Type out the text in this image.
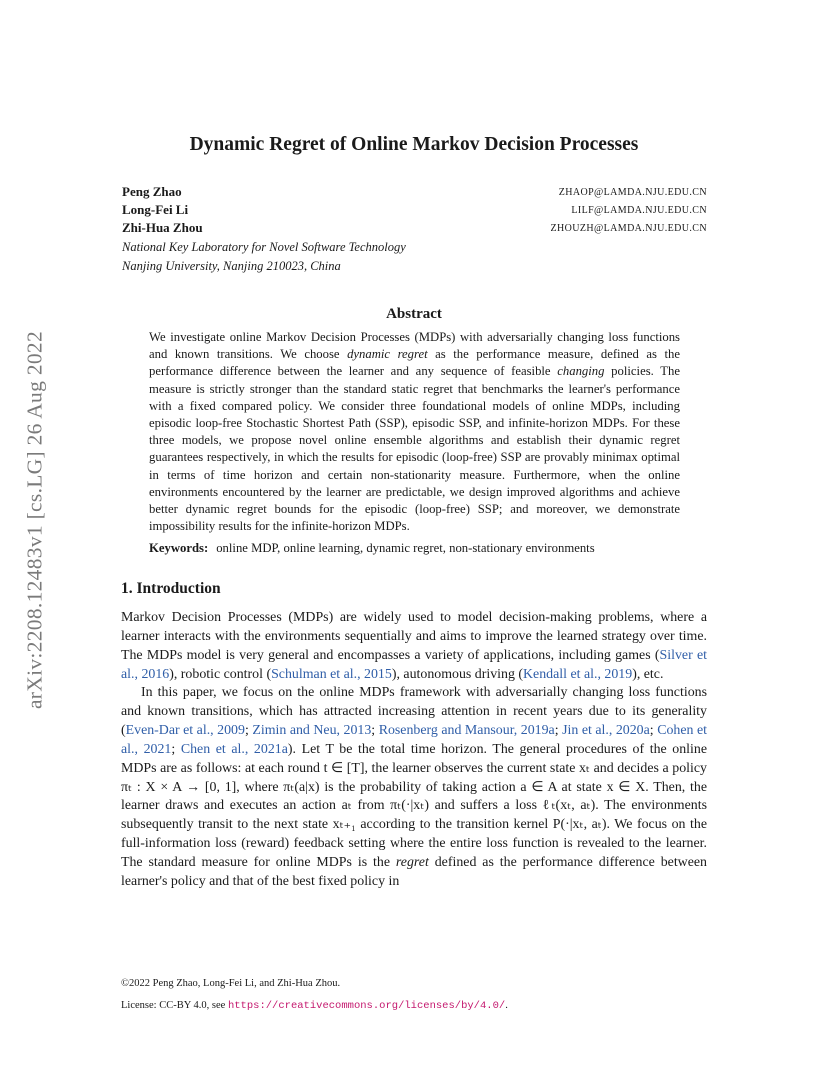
arXiv:2208.12483v1 [cs.LG] 26 Aug 2022
Dynamic Regret of Online Markov Decision Processes
Peng Zhao	ZHAOP@LAMDA.NJU.EDU.CN
Long-Fei Li	LILF@LAMDA.NJU.EDU.CN
Zhi-Hua Zhou	ZHOUZH@LAMDA.NJU.EDU.CN
National Key Laboratory for Novel Software Technology
Nanjing University, Nanjing 210023, China
Abstract
We investigate online Markov Decision Processes (MDPs) with adversarially changing loss functions and known transitions. We choose dynamic regret as the performance measure, defined as the performance difference between the learner and any sequence of feasible changing policies. The measure is strictly stronger than the standard static regret that benchmarks the learner's performance with a fixed compared policy. We consider three foundational models of online MDPs, including episodic loop-free Stochastic Shortest Path (SSP), episodic SSP, and infinite-horizon MDPs. For these three models, we propose novel online ensemble algorithms and establish their dynamic regret guarantees respectively, in which the results for episodic (loop-free) SSP are provably minimax optimal in terms of time horizon and certain non-stationarity measure. Furthermore, when the online environments encountered by the learner are predictable, we design improved algorithms and achieve better dynamic regret bounds for the episodic (loop-free) SSP; and moreover, we demonstrate impossibility results for the infinite-horizon MDPs.
Keywords: online MDP, online learning, dynamic regret, non-stationary environments
1. Introduction

Markov Decision Processes (MDPs) are widely used to model decision-making problems, where a learner interacts with the environments sequentially and aims to improve the learned strategy over time. The MDPs model is very general and encompasses a variety of applications, including games (Silver et al., 2016), robotic control (Schulman et al., 2015), autonomous driving (Kendall et al., 2019), etc.

In this paper, we focus on the online MDPs framework with adversarially changing loss functions and known transitions, which has attracted increasing attention in recent years due to its generality (Even-Dar et al., 2009; Zimin and Neu, 2013; Rosenberg and Mansour, 2019a; Jin et al., 2020a; Cohen et al., 2021; Chen et al., 2021a). Let T be the total time horizon. The general procedures of the online MDPs are as follows: at each round t ∈ [T], the learner observes the current state xₜ and decides a policy πₜ : X × A → [0, 1], where πₜ(a|x) is the probability of taking action a ∈ A at state x ∈ X. Then, the learner draws and executes an action aₜ from πₜ(·|xₜ) and suffers a loss ℓₜ(xₜ, aₜ). The environments subsequently transit to the next state xₜ₊₁ according to the transition kernel P(·|xₜ, aₜ). We focus on the full-information loss (reward) feedback setting where the entire loss function is revealed to the learner. The standard measure for online MDPs is the regret defined as the performance difference between learner's policy and that of the best fixed policy in

©2022 Peng Zhao, Long-Fei Li, and Zhi-Hua Zhou.
License: CC-BY 4.0, see https://creativecommons.org/licenses/by/4.0/.
